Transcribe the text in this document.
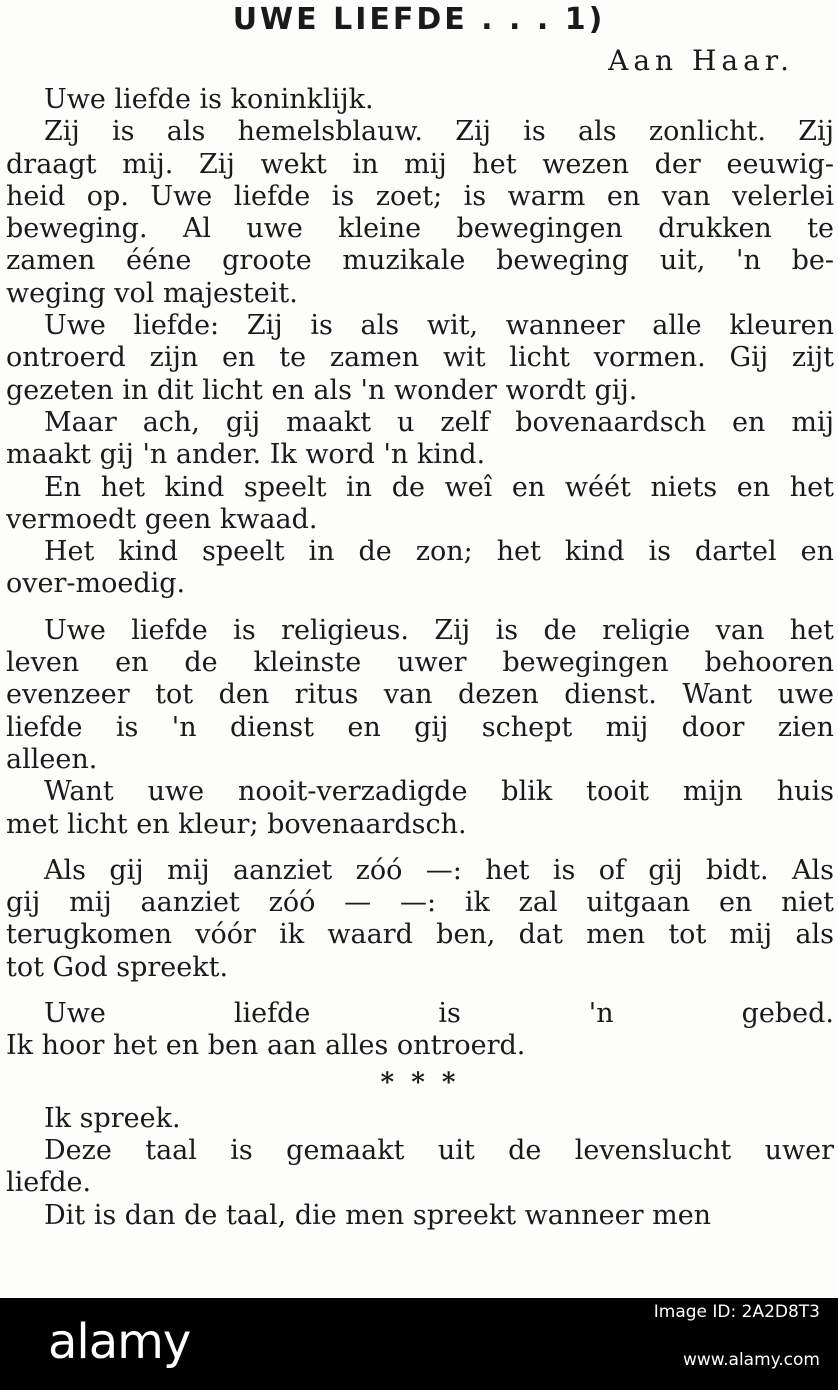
UWE LIEFDE . . . 1)
Aan Haar.
Uwe liefde is koninklijk.
Zij is als hemelsblauw. Zij is als zonlicht. Zij
draagt mij. Zij wekt in mij het wezen der eeuwig-
heid op. Uwe liefde is zoet; is warm en van velerlei
beweging. Al uwe kleine bewegingen drukken te
zamen ééne groote muzikale beweging uit, 'n be-
weging vol majesteit.
Uwe liefde: Zij is als wit, wanneer alle kleuren
ontroerd zijn en te zamen wit licht vormen. Gij zijt
gezeten in dit licht en als 'n wonder wordt gij.
Maar ach, gij maakt u zelf bovenaardsch en mij
maakt gij 'n ander. Ik word 'n kind.
En het kind speelt in de weî en wéét niets en het
vermoedt geen kwaad.
Het kind speelt in de zon; het kind is dartel en
over-moedig.
Uwe liefde is religieus. Zij is de religie van het
leven en de kleinste uwer bewegingen behooren
evenzeer tot den ritus van dezen dienst. Want uwe
liefde is 'n dienst en gij schept mij door zien
alleen.
Want uwe nooit-verzadigde blik tooit mijn huis
met licht en kleur; bovenaardsch.
Als gij mij aanziet zóó —: het is of gij bidt. Als
gij mij aanziet zóó — —: ik zal uitgaan en niet
terugkomen vóór ik waard ben, dat men tot mij als
tot God spreekt.
Uwe liefde is 'n gebed.
Ik hoor het en ben aan alles ontroerd.
* * *
Ik spreek.
Deze taal is gemaakt uit de levenslucht uwer
liefde.
Dit is dan de taal, die men spreekt wanneer men
alamy
Image ID: 2A2D8T3
www.alamy.com
